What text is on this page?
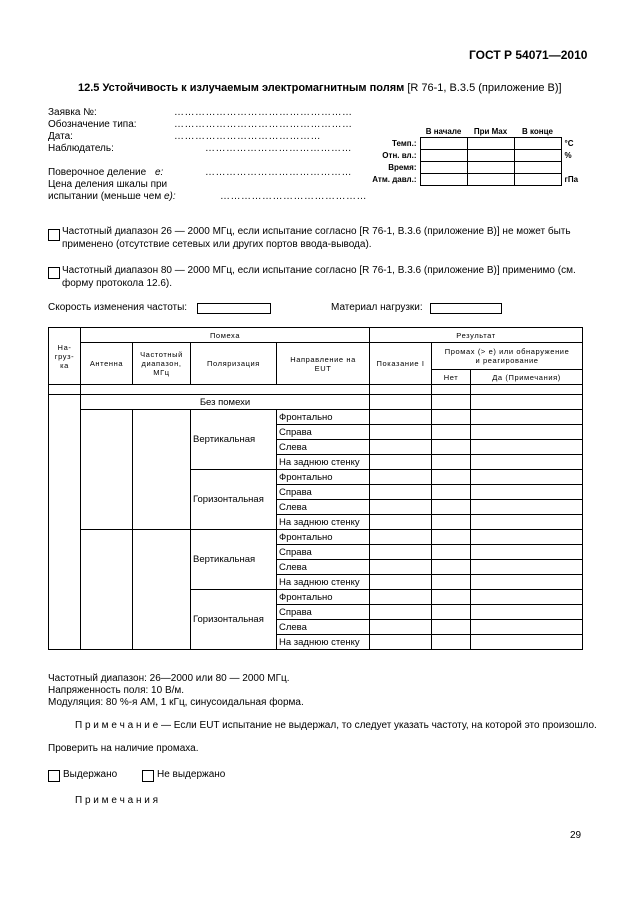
ГОСТ Р 54071—2010
12.5 Устойчивость к излучаемым электромагнитным полям [R 76-1, В.3.5 (приложение В)]
Заявка №:	……………………………………………
Обозначение типа:	……………………………………………
Дата:	……………………………………
Наблюдатель:	……………………………………
Поверочное деление е:	……………………………………
Цена деления шкалы при
испытании (меньше чем е):	……………………………………
	В начале	При Max	В конце	
Темп.:				°С
Отн. вл.:				%
Время:				
Атм. давл.:				гПа
Частотный диапазон 26 — 2000 МГц, если испытание согласно [R 76-1, В.3.6 (приложение В)] не может быть
применено (отсутствие сетевых или других портов ввода-вывода).
Частотный диапазон 80 — 2000 МГц, если испытание согласно [R 76-1, В.3.6 (приложение В)] применимо (см.
форму протокола 12.6).
Скорость изменения частоты:	Материал нагрузки:
На-
груз-
ка	Помеха				Результат		
	Антенна	Частотный
диапазон,
МГц	Поляризация	Направление на
EUT	Показание I	Промах (> е) или обнаружение
и реагирование	
						Нет	Да (Примечания)

	Без помехи						
			Вертикальная	Фронтально			
				Справа			
				Слева			
				На заднюю стенку			
			Горизонтальная	Фронтально			
				Справа			
				Слева			
				На заднюю стенку			
			Вертикальная	Фронтально			
				Справа			
				Слева			
				На заднюю стенку			
			Горизонтальная	Фронтально			
				Справа			
				Слева			
				На заднюю стенку			
Частотный диапазон: 26—2000 или 80 — 2000 МГц.
Напряженность поля: 10 В/м.
Модуляция: 80 %-я АМ, 1 кГц, синусоидальная форма.
П р и м е ч а н и е — Если EUT испытание не выдержал, то следует указать частоту, на которой это произошло.
Проверить на наличие промаха.
Выдержано	Не выдержано
П р и м е ч а н и я
29
